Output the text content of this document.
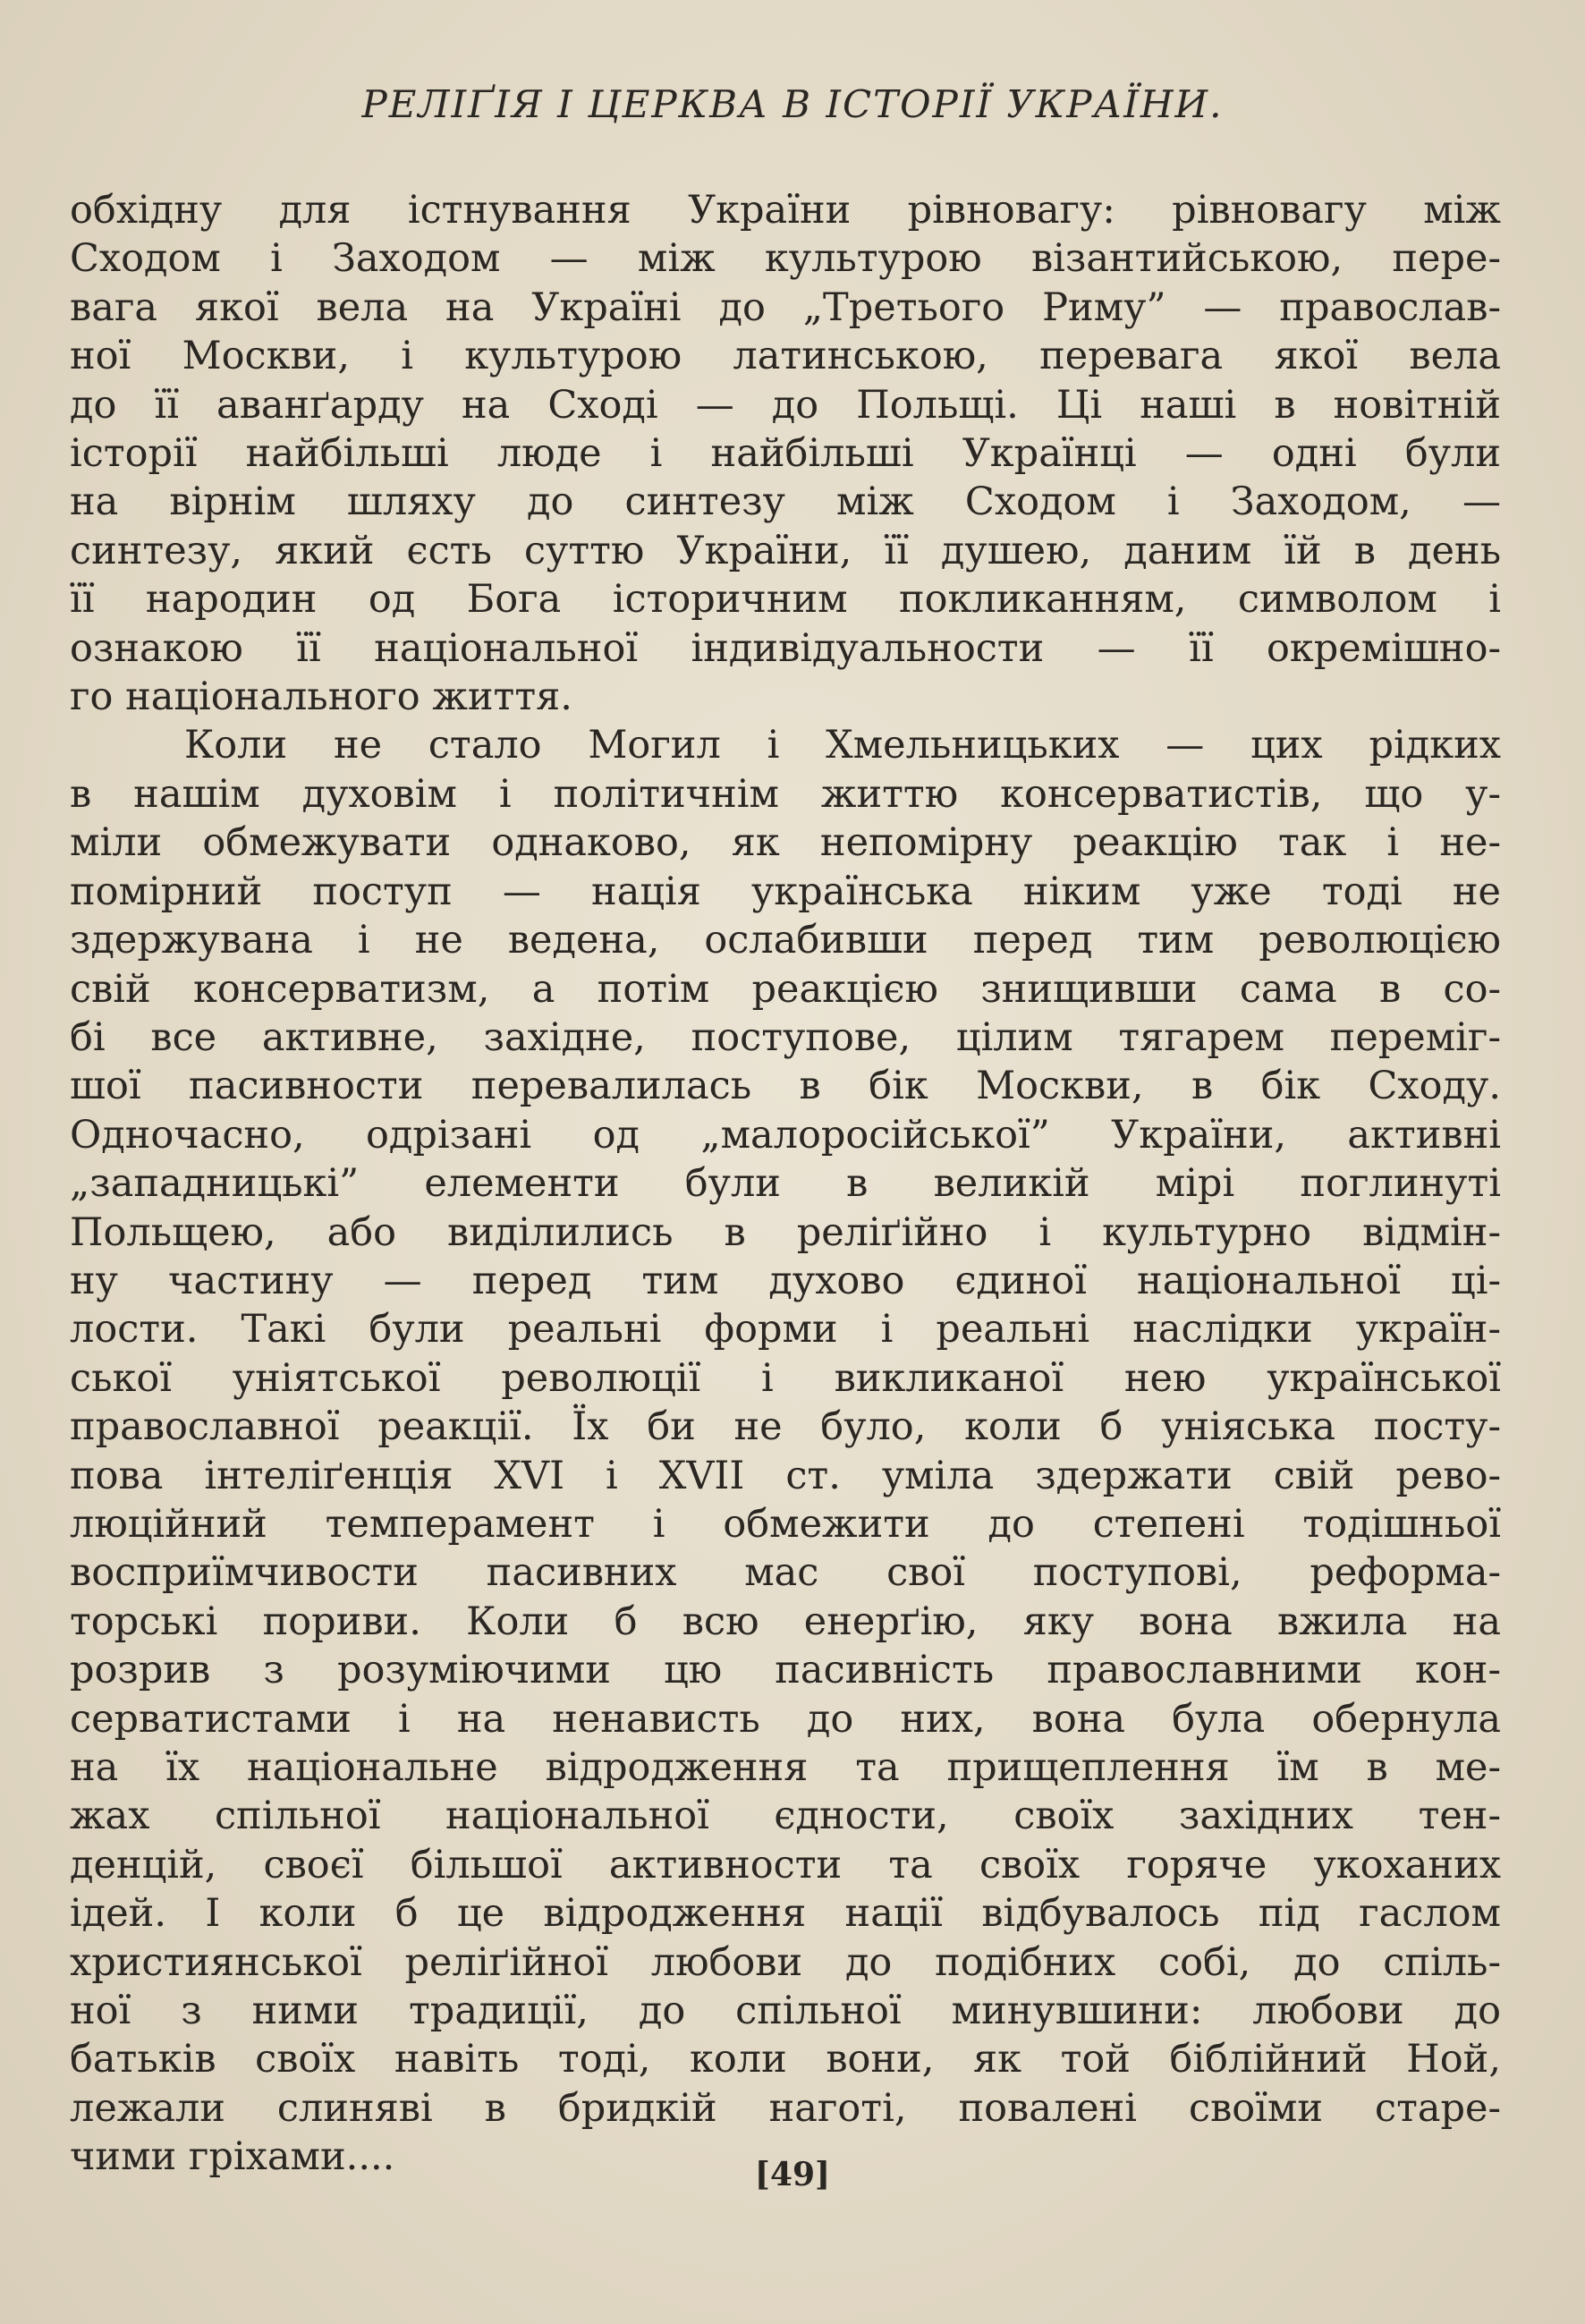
РЕЛІҐІЯ І ЦЕРКВА В ІСТОРІЇ УКРАЇНИ.
обхідну для істнування України рівновагу: рівновагу між
Сходом і Заходом — між культурою візантийською, пере-
вага якої вела на Україні до „Третього Риму” — православ-
ної Москви, і культурою латинською, перевага якої вела
до її аванґарду на Сході — до Польщі. Ці наші в новітній
історії найбільші люде і найбільші Українці — одні були
на вірнім шляху до синтезу між Сходом і Заходом, —
синтезу, який єсть суттю України, її душею, даним їй в день
її народин од Бога історичним покликанням, символом і
ознакою її національної індивідуальности — її окремішно-
го національного життя.
Коли не стало Могил і Хмельницьких — цих рідких
в нашім духовім і політичнім життю консерватистів, що у-
міли обмежувати однаково, як непомірну реакцію так і не-
помірний поступ — нація українська ніким уже тоді не
здержувана і не ведена, ослабивши перед тим революцією
свій консерватизм, а потім реакцією знищивши сама в со-
бі все активне, західне, поступове, цілим тягарем переміг-
шої пасивности перевалилась в бік Москви, в бік Сходу.
Одночасно, одрізані од „малоросійської” України, активні
„западницькі” елементи були в великій мірі поглинуті
Польщею, або виділились в реліґійно і культурно відмін-
ну частину — перед тим духово єдиної національної ці-
лости. Такі були реальні форми і реальні наслідки україн-
ської уніятської революції і викликаної нею української
православної реакції. Їх би не було, коли б уніяська посту-
пова інтеліґенція XVI і XVII ст. уміла здержати свій рево-
люційний темперамент і обмежити до степені тодішньої
восприїмчивости пасивних мас свої поступові, реформа-
торські пориви. Коли б всю енерґію, яку вона вжила на
розрив з розуміючими цю пасивність православними кон-
серватистами і на ненависть до них, вона була обернула
на їх національне відродження та прищеплення їм в ме-
жах спільної національної єдности, своїх західних тен-
денцій, своєї більшої активности та своїх горяче укоханих
ідей. І коли б це відродження нації відбувалось під гаслом
християнської реліґійної любови до подібних собі, до спіль-
ної з ними традиції, до спільної минувшини: любови до
батьків своїх навіть тоді, коли вони, як той біблійний Ной,
лежали слиняві в бридкій наготі, повалені своїми старе-
чими гріхами....	[49]
